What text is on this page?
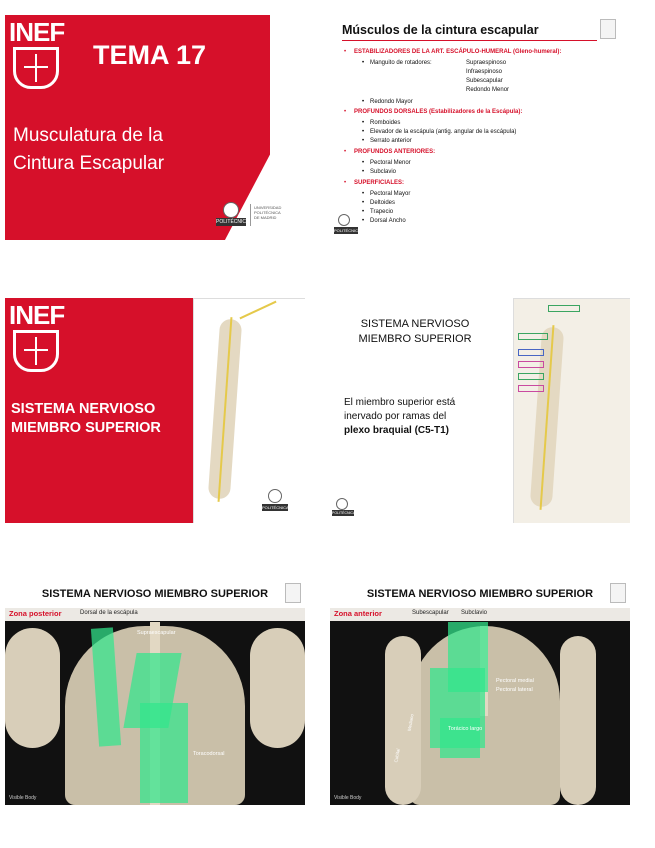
INEF
TEMA 17
Musculatura de la
Cintura Escapular
POLITÉCNICA
UNIVERSIDAD
POLITÉCNICA
DE MADRID
Músculos de la cintura escapular
• ESTABILIZADORES DE LA ART. ESCÁPULO-HUMERAL (Gleno-humeral):
• Manguito de rotadores:	Supraespinoso
Infraespinoso
Subescapular
Redondo Menor
• Redondo Mayor
• PROFUNDOS DORSALES (Estabilizadores de la Escápula):
• Romboides
• Elevador de la escápula (antig. angular de la escápula)
• Serrato anterior
• PROFUNDOS ANTERIORES:
• Pectoral Menor
• Subclavio
• SUPERFICIALES:
• Pectoral Mayor
• Deltoides
• Trapecio
• Dorsal Ancho
POLITÉCNICA
INEF
SISTEMA NERVIOSO
MIEMBRO SUPERIOR
POLITÉCNICA
SISTEMA NERVIOSO
MIEMBRO SUPERIOR
El miembro superior está
inervado por ramas del
plexo braquial (C5-T1)
POLITÉCNICA
SISTEMA NERVIOSO MIEMBRO SUPERIOR
Zona posterior	Dorsal de la escápula
Supraescapular
Toracodorsal
Visible Body
SISTEMA NERVIOSO MIEMBRO SUPERIOR
Zona anterior	Subescapular Subclavio
Pectoral medial
Pectoral lateral
Torácico largo
Mediano
Cubital
Visible Body
